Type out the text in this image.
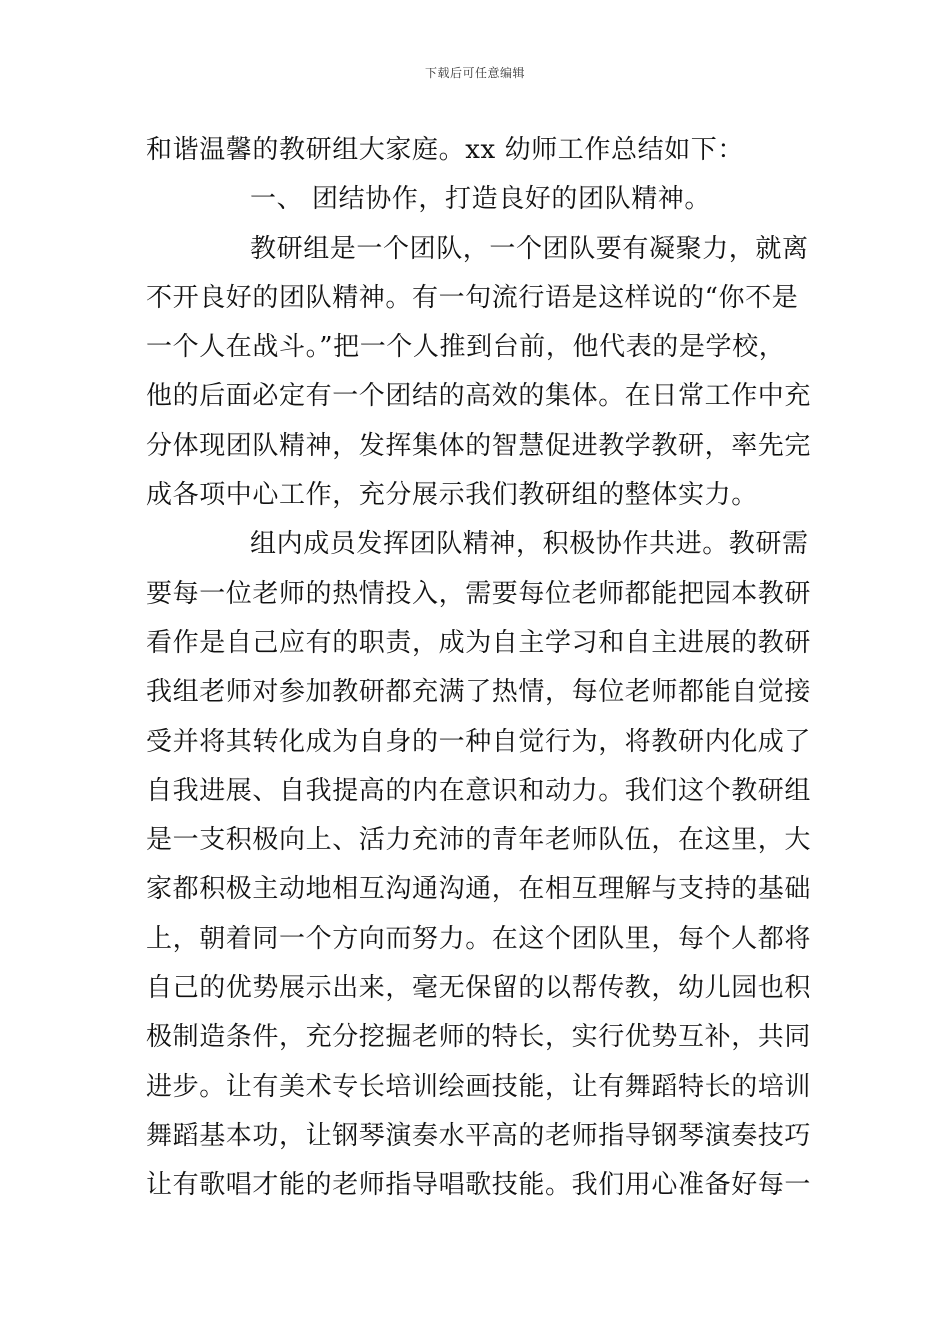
下载后可任意编辑
和谐温馨的教研组大家庭。xx 幼师工作总结如下：
一、 团结协作，打造良好的团队精神。
教研组是一个团队，一个团队要有凝聚力，就离
不开良好的团队精神。有一句流行语是这样说的“你不是
一个人在战斗。”把一个人推到台前，他代表的是学校，
他的后面必定有一个团结的高效的集体。在日常工作中充
分体现团队精神，发挥集体的智慧促进教学教研，率先完
成各项中心工作，充分展示我们教研组的整体实力。
组内成员发挥团队精神，积极协作共进。教研需
要每一位老师的热情投入，需要每位老师都能把园本教研
看作是自己应有的职责，成为自主学习和自主进展的教研
我组老师对参加教研都充满了热情，每位老师都能自觉接
受并将其转化成为自身的一种自觉行为，将教研内化成了
自我进展、自我提高的内在意识和动力。我们这个教研组
是一支积极向上、活力充沛的青年老师队伍，在这里，大
家都积极主动地相互沟通沟通，在相互理解与支持的基础
上，朝着同一个方向而努力。在这个团队里，每个人都将
自己的优势展示出来，毫无保留的以帮传教，幼儿园也积
极制造条件，充分挖掘老师的特长，实行优势互补，共同
进步。让有美术专长培训绘画技能，让有舞蹈特长的培训
舞蹈基本功，让钢琴演奏水平高的老师指导钢琴演奏技巧
让有歌唱才能的老师指导唱歌技能。我们用心准备好每一
